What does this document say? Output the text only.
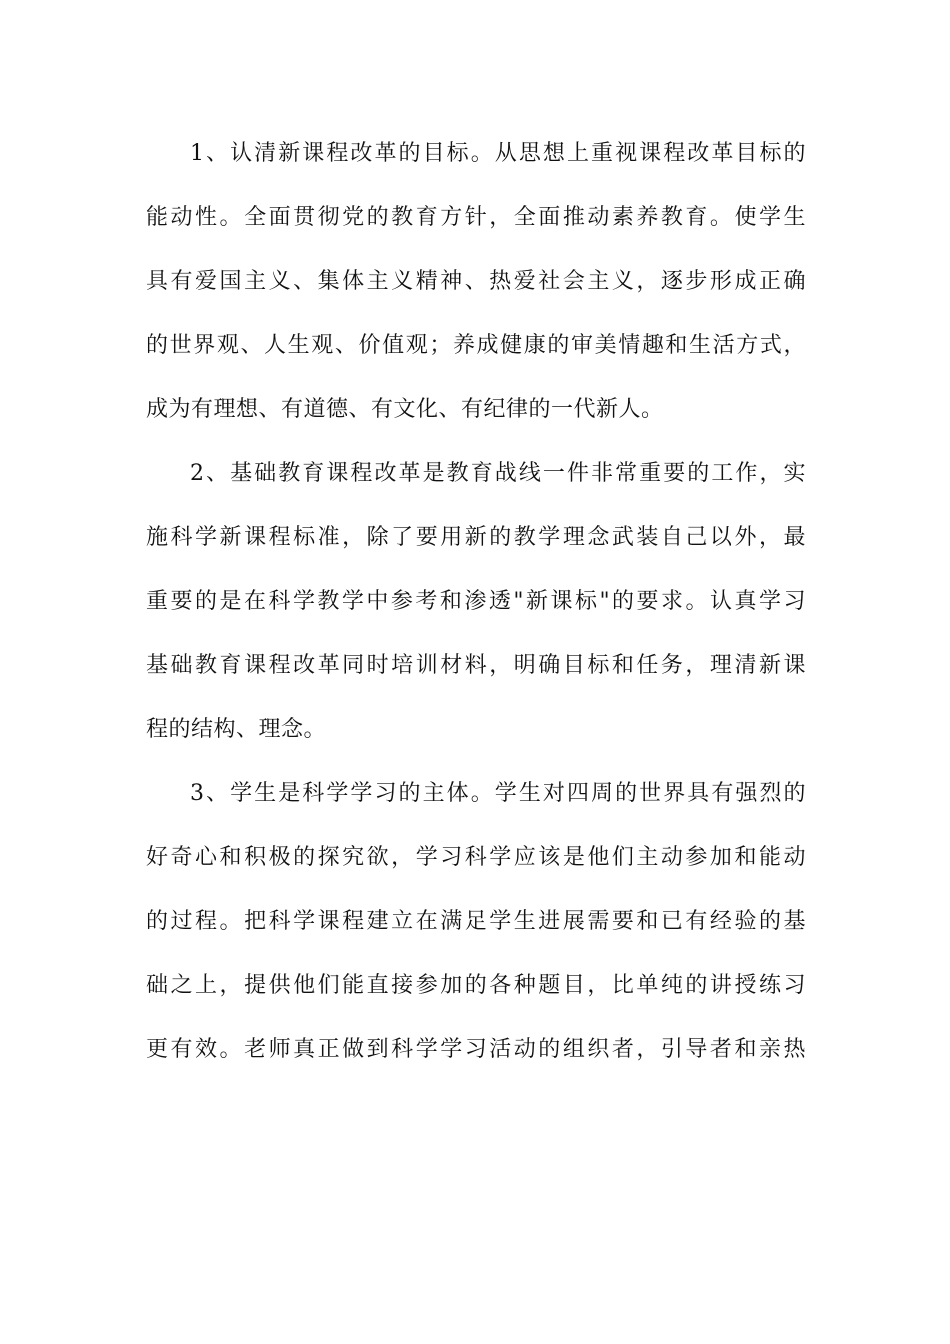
1、认清新课程改革的目标。从思想上重视课程改革目标的
能动性。全面贯彻党的教育方针，全面推动素养教育。使学生
具有爱国主义、集体主义精神、热爱社会主义，逐步形成正确
的世界观、人生观、价值观；养成健康的审美情趣和生活方式，
成为有理想、有道德、有文化、有纪律的一代新人。
2、基础教育课程改革是教育战线一件非常重要的工作，实
施科学新课程标准，除了要用新的教学理念武装自己以外，最
重要的是在科学教学中参考和渗透"新课标"的要求。认真学习
基础教育课程改革同时培训材料，明确目标和任务，理清新课
程的结构、理念。
3、学生是科学学习的主体。学生对四周的世界具有强烈的
好奇心和积极的探究欲，学习科学应该是他们主动参加和能动
的过程。把科学课程建立在满足学生进展需要和已有经验的基
础之上，提供他们能直接参加的各种题目，比单纯的讲授练习
更有效。老师真正做到科学学习活动的组织者，引导者和亲热
